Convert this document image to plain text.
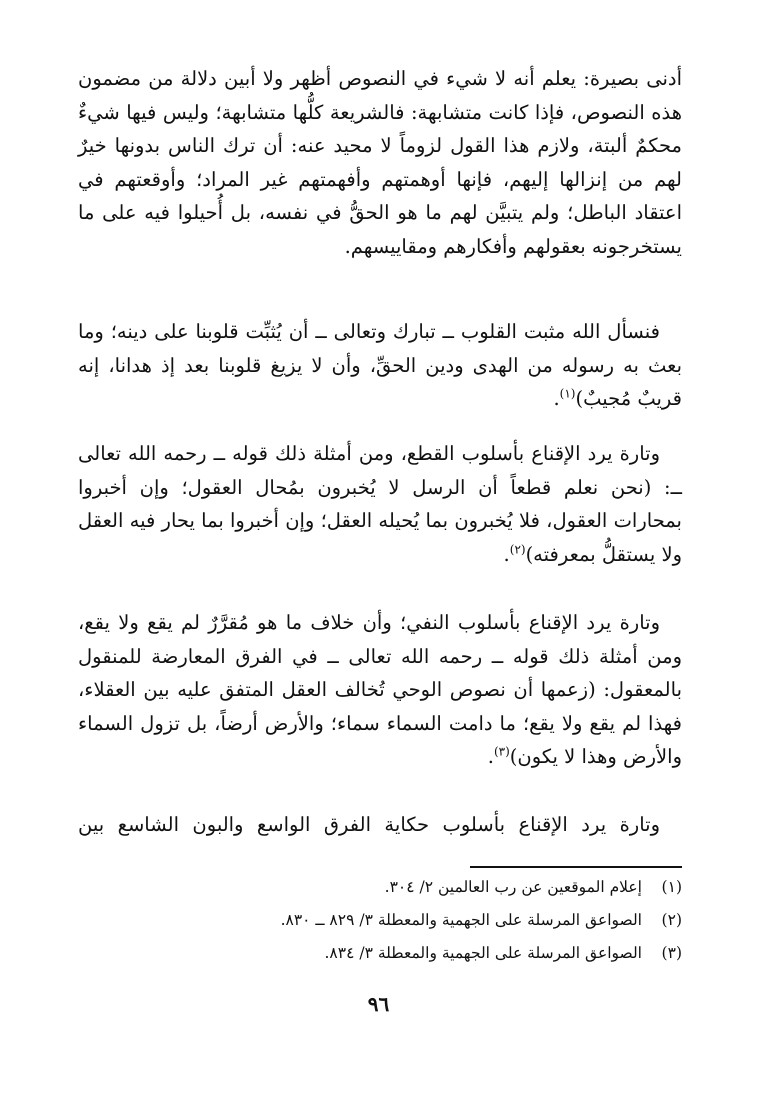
أدنى بصيرة: يعلم أنه لا شيء في النصوص أظهر ولا أبين دلالة من مضمون هذه النصوص، فإذا كانت متشابهة: فالشريعة كلُّها متشابهة؛ وليس فيها شيءٌ محكمٌ ألبتة، ولازم هذا القول لزوماً لا محيد عنه: أن ترك الناس بدونها خيرٌ لهم من إنزالها إليهم، فإنها أوهمتهم وأفهمتهم غير المراد؛ وأوقعتهم في اعتقاد الباطل؛ ولم يتبيَّن لهم ما هو الحقُّ في نفسه، بل أُحيلوا فيه على ما يستخرجونه بعقولهم وأفكارهم ومقاييسهم.
فنسأل الله مثبت القلوب ــ تبارك وتعالى ــ أن يُثبِّت قلوبنا على دينه؛ وما بعث به رسوله من الهدى ودين الحقِّ، وأن لا يزيغ قلوبنا بعد إذ هدانا، إنه قريبٌ مُجيبٌ)$^{(١)}$.
وتارة يرد الإقناع بأسلوب القطع، ومن أمثلة ذلك قوله ــ رحمه الله تعالى ــ: (نحن نعلم قطعاً أن الرسل لا يُخبرون بمُحال العقول؛ وإن أخبروا بمحارات العقول، فلا يُخبرون بما يُحيله العقل؛ وإن أخبروا بما يحار فيه العقل ولا يستقلُّ بمعرفته)$^{(٢)}$.
وتارة يرد الإقناع بأسلوب النفي؛ وأن خلاف ما هو مُقرَّرٌ لم يقع ولا يقع، ومن أمثلة ذلك قوله ــ رحمه الله تعالى ــ في الفرق المعارضة للمنقول بالمعقول: (زعمها أن نصوص الوحي تُخالف العقل المتفق عليه بين العقلاء، فهذا لم يقع ولا يقع؛ ما دامت السماء سماء؛ والأرض أرضاً، بل تزول السماء والأرض وهذا لا يكون)$^{(٣)}$.
وتارة يرد الإقناع بأسلوب حكاية الفرق الواسع والبون الشاسع بين
(١)
إعلام الموقعين عن رب العالمين ٢/ ٣٠٤.
(٢)
الصواعق المرسلة على الجهمية والمعطلة ٣/ ٨٢٩ ــ ٨٣٠.
(٣)
الصواعق المرسلة على الجهمية والمعطلة ٣/ ٨٣٤.
٩٦
